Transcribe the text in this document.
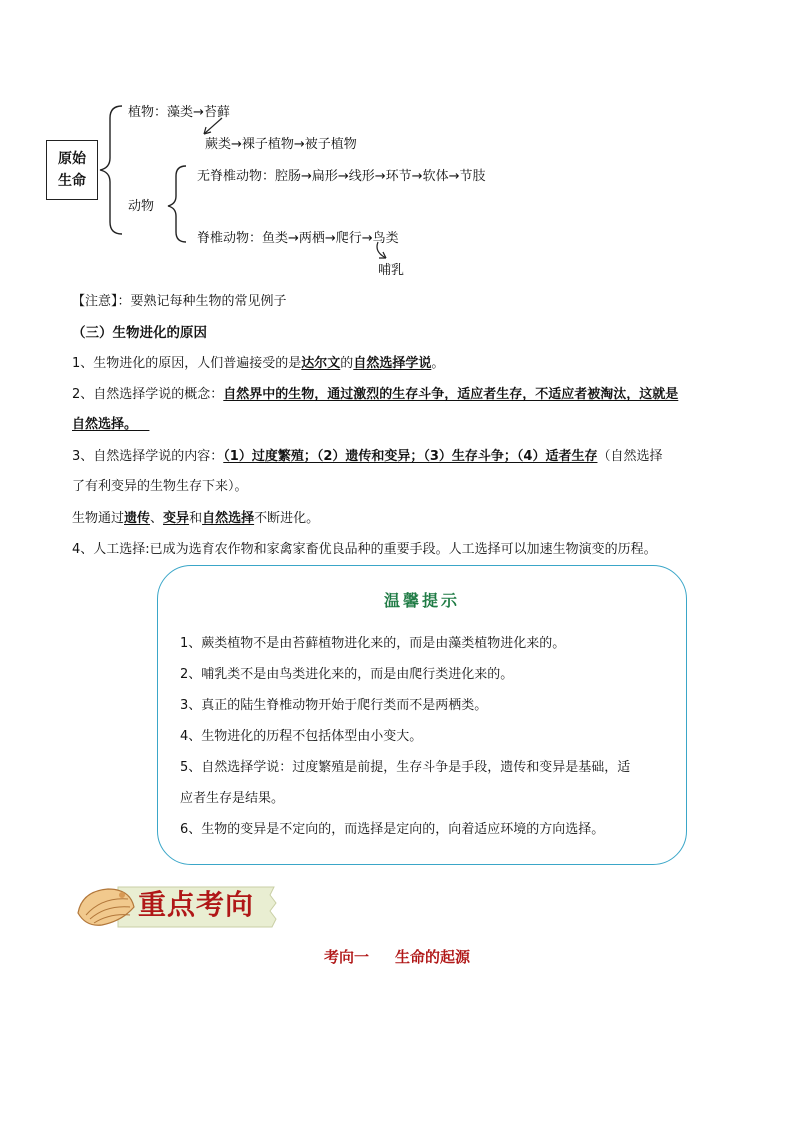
原始
生命
植物：藻类→苔藓
蕨类→裸子植物→被子植物
动物
无脊椎动物：腔肠→扁形→线形→环节→软体→节肢
脊椎动物：鱼类→两栖→爬行→鸟类
哺乳
【注意】：要熟记每种生物的常见例子
（三）生物进化的原因
1、生物进化的原因，人们普遍接受的是达尔文的自然选择学说。
2、自然选择学说的概念：自然界中的生物，通过激烈的生存斗争，适应者生存，不适应者被淘汰，这就是
自然选择。
3、自然选择学说的内容：（1）过度繁殖；（2）遗传和变异；（3）生存斗争；（4）适者生存（自然选择
了有利变异的生物生存下来）。
生物通过遗传、变异和自然选择不断进化。
4、人工选择:已成为选育农作物和家禽家畜优良品种的重要手段。人工选择可以加速生物演变的历程。
温馨提示
1、蕨类植物不是由苔藓植物进化来的，而是由藻类植物进化来的。
2、哺乳类不是由鸟类进化来的，而是由爬行类进化来的。
3、真正的陆生脊椎动物开始于爬行类而不是两栖类。
4、生物进化的历程不包括体型由小变大。
5、自然选择学说：过度繁殖是前提，生存斗争是手段，遗传和变异是基础，适
应者生存是结果。
6、生物的变异是不定向的，而选择是定向的，向着适应环境的方向选择。
重点考向
考向一 生命的起源
